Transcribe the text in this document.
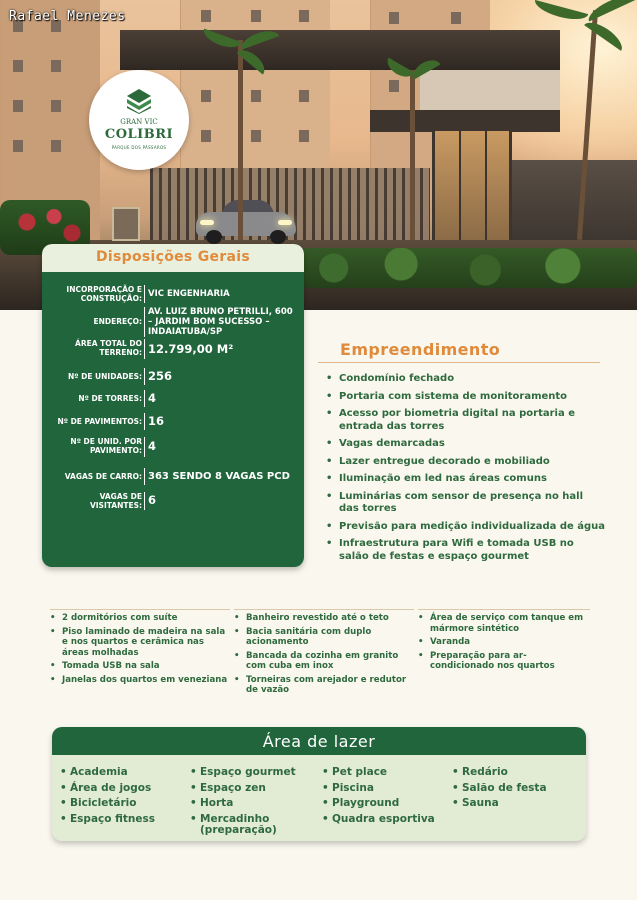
Rafael Menezes
GRAN VIC
COLIBRI
PARQUE DOS PÁSSAROS
Disposições Gerais
INCORPORAÇÃO E CONSTRUÇÃO: VIC ENGENHARIA
ENDEREÇO:
AV. LUIZ BRUNO PETRILLI, 600 – JARDIM BOM SUCESSO – INDAIATUBA/SP
ÁREA TOTAL DO TERRENO: 12.799,00 M²
Nº DE UNIDADES: 256
Nº DE TORRES: 4
Nº DE PAVIMENTOS: 16
Nº DE UNID. POR PAVIMENTO: 4
VAGAS DE CARRO: 363 SENDO 8 VAGAS PCD
VAGAS DE VISITANTES: 6
Empreendimento
• Condomínio fechado
• Portaria com sistema de monitoramento
• Acesso por biometria digital na portaria e entrada das torres
• Vagas demarcadas
• Lazer entregue decorado e mobiliado
• Iluminação em led nas áreas comuns
• Luminárias com sensor de presença no hall das torres
• Previsão para medição individualizada de água
• Infraestrutura para Wifi e tomada USB no salão de festas e espaço gourmet
• 2 dormitórios com suíte
• Piso laminado de madeira na sala e nos quartos e cerâmica nas áreas molhadas
• Tomada USB na sala
• Janelas dos quartos em veneziana
• Banheiro revestido até o teto
• Bacia sanitária com duplo acionamento
• Bancada da cozinha em granito com cuba em inox
• Torneiras com arejador e redutor de vazão
• Área de serviço com tanque em mármore sintético
• Varanda
• Preparação para ar-condicionado nos quartos
Área de lazer
• Academia
• Área de jogos
• Bicicletário
• Espaço fitness
• Espaço gourmet
• Espaço zen
• Horta
• Mercadinho (preparação)
• Pet place
• Piscina
• Playground
• Quadra esportiva
• Redário
• Salão de festa
• Sauna
